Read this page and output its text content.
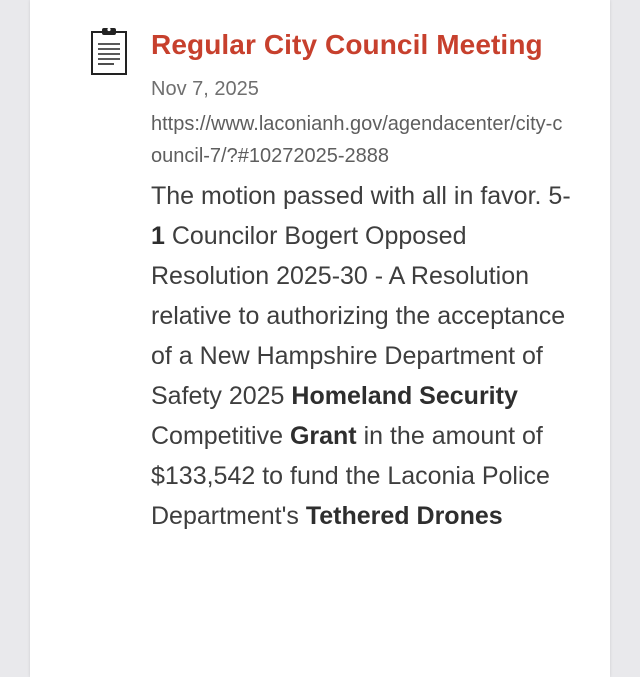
Regular City Council Meeting
Nov 7, 2025
https://www.laconianh.gov/agendacenter/city-council-7/?#10272025-2888
The motion passed with all in favor. 5-1 Councilor Bogert Opposed Resolution 2025-30 - A Resolution relative to authorizing the acceptance of a New Hampshire Department of Safety 2025 Homeland Security Competitive Grant in the amount of $133,542 to fund the Laconia Police Department's Tethered Drones
